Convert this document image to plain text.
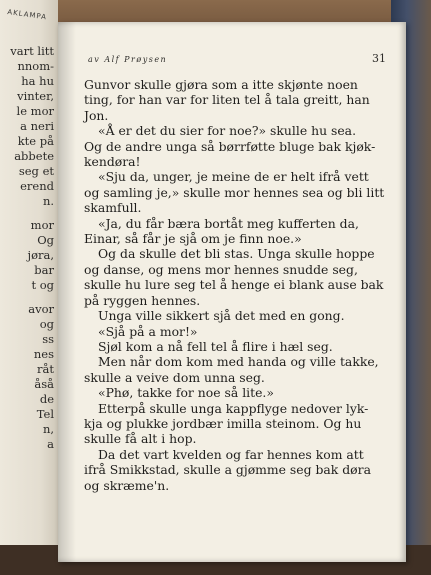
AKLAMPA
vart litt
nnom-
ha hu
vinter,
le mor
a neri
kte på
abbete
seg et
erend
n.
mor
Og
jøra,
bar
t og
avor
og
ss
nes
råt
åså
de
Tel
n,
a
av Alf Prøysen	31
Gunvor skulle gjøra som a itte skjønte noen
ting, for han var for liten tel å tala greitt, han
Jon.
«Å er det du sier for noe?» skulle hu sea.
Og de andre unga så børrføtte bluge bak kjøk-
kendøra!
«Sju da, unger, je meine de er helt ifrå vett
og samling je,» skulle mor hennes sea og bli litt
skamfull.
«Ja, du får bæra bortåt meg kufferten da,
Einar, så får je sjå om je finn noe.»
Og da skulle det bli stas. Unga skulle hoppe
og danse, og mens mor hennes snudde seg,
skulle hu lure seg tel å henge ei blank ause bak
på ryggen hennes.
Unga ville sikkert sjå det med en gong.
«Sjå på a mor!»
Sjøl kom a nå fell tel å flire i hæl seg.
Men når dom kom med handa og ville takke,
skulle a veive dom unna seg.
«Phø, takke for noe så lite.»
Etterpå skulle unga kappflyge nedover lyk-
kja og plukke jordbær imilla steinom. Og hu
skulle få alt i hop.
Da det vart kvelden og far hennes kom att
ifrå Smikkstad, skulle a gjømme seg bak døra
og skræme'n.
